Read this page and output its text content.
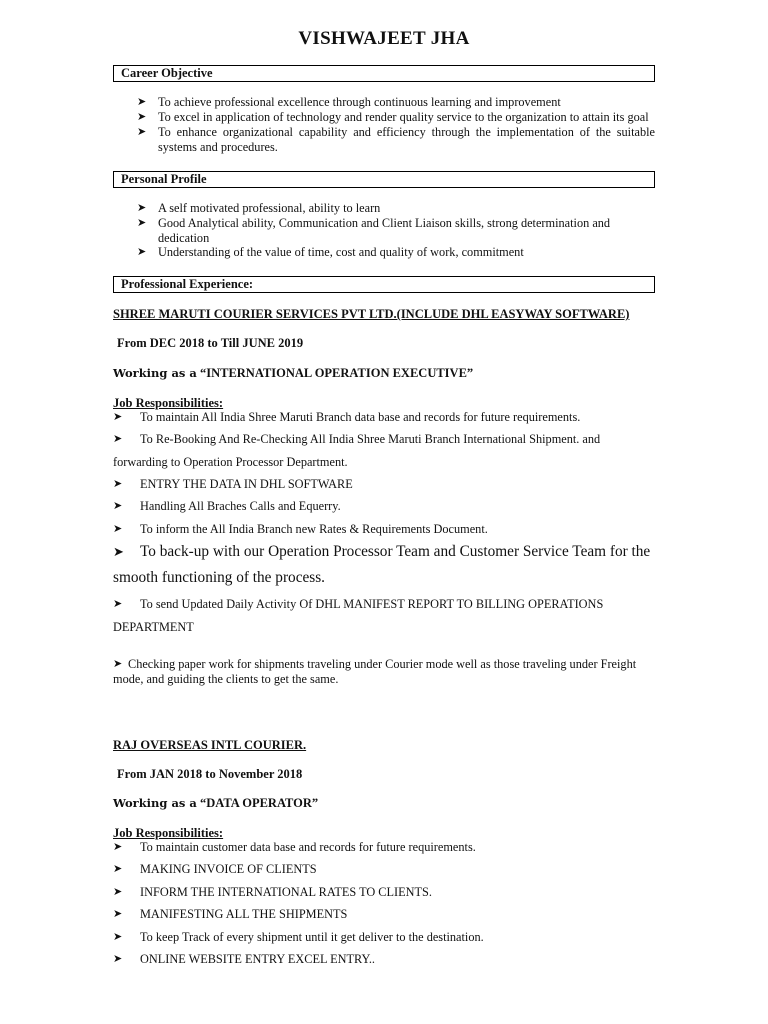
VISHWAJEET JHA
Career Objective
➤ To achieve professional excellence through continuous learning and improvement
➤ To excel in application of technology and render quality service to the organization to attain its goal
➤ To enhance organizational capability and efficiency through the implementation of the suitable
systems and procedures.
Personal Profile
➤ A self motivated professional, ability to learn
➤ Good Analytical ability, Communication and Client Liaison skills, strong determination and
dedication
➤ Understanding of the value of time, cost and quality of work, commitment
Professional Experience:
SHREE MARUTI COURIER SERVICES PVT LTD.(INCLUDE DHL EASYWAY SOFTWARE)
From DEC 2018 to Till JUNE 2019
Working as a “INTERNATIONAL OPERATION EXECUTIVE”
Job Responsibilities:
➤ To maintain All India Shree Maruti Branch data base and records for future requirements.
➤ To Re-Booking And Re-Checking All India Shree Maruti Branch International Shipment. and
forwarding to Operation Processor Department.
➤ ENTRY THE DATA IN DHL SOFTWARE
➤ Handling All Braches Calls and Equerry.
➤ To inform the All India Branch new Rates & Requirements Document.
➤ To back-up with our Operation Processor Team and Customer Service Team for the
smooth functioning of the process.
➤ To send Updated Daily Activity Of DHL MANIFEST REPORT TO BILLING OPERATIONS
DEPARTMENT
➤ Checking paper work for shipments traveling under Courier mode well as those traveling under Freight
mode, and guiding the clients to get the same.
RAJ OVERSEAS INTL COURIER.
From JAN 2018 to November 2018
Working as a “DATA OPERATOR”
Job Responsibilities:
➤ To maintain customer data base and records for future requirements.
➤ MAKING INVOICE OF CLIENTS
➤ INFORM THE INTERNATIONAL RATES TO CLIENTS.
➤ MANIFESTING ALL THE SHIPMENTS
➤ To keep Track of every shipment until it get deliver to the destination.
➤ ONLINE WEBSITE ENTRY EXCEL ENTRY..
